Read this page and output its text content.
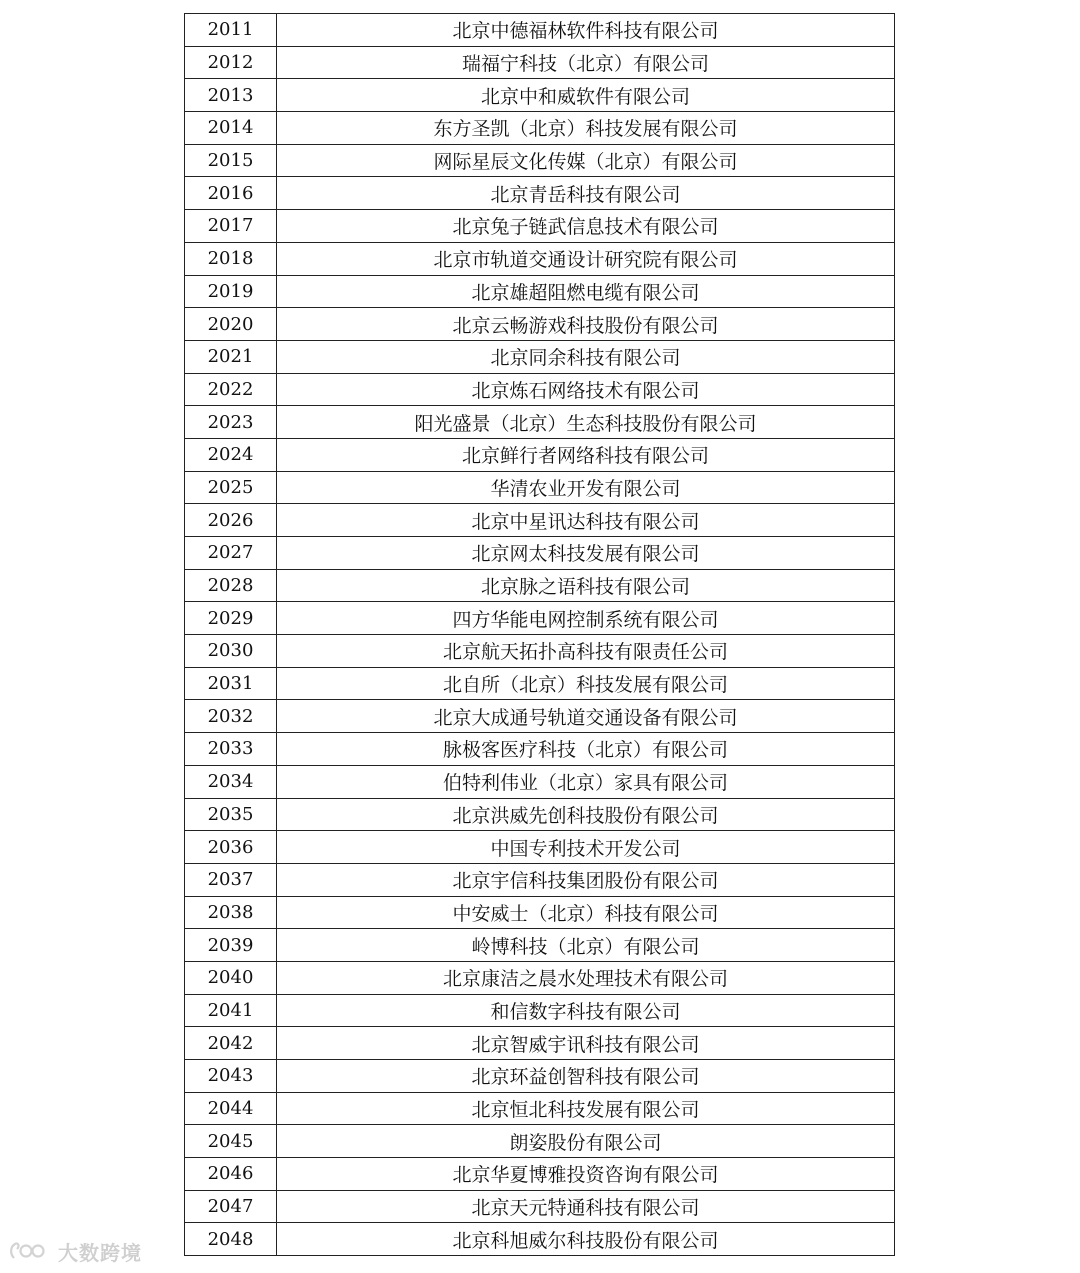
2011	北京中德福林软件科技有限公司
2012	瑞福宁科技（北京）有限公司
2013	北京中和威软件有限公司
2014	东方圣凯（北京）科技发展有限公司
2015	网际星辰文化传媒（北京）有限公司
2016	北京青岳科技有限公司
2017	北京兔子链武信息技术有限公司
2018	北京市轨道交通设计研究院有限公司
2019	北京雄超阻燃电缆有限公司
2020	北京云畅游戏科技股份有限公司
2021	北京同余科技有限公司
2022	北京炼石网络技术有限公司
2023	阳光盛景（北京）生态科技股份有限公司
2024	北京鲜行者网络科技有限公司
2025	华清农业开发有限公司
2026	北京中星讯达科技有限公司
2027	北京网太科技发展有限公司
2028	北京脉之语科技有限公司
2029	四方华能电网控制系统有限公司
2030	北京航天拓扑高科技有限责任公司
2031	北自所（北京）科技发展有限公司
2032	北京大成通号轨道交通设备有限公司
2033	脉极客医疗科技（北京）有限公司
2034	伯特利伟业（北京）家具有限公司
2035	北京洪威先创科技股份有限公司
2036	中国专利技术开发公司
2037	北京宇信科技集团股份有限公司
2038	中安威士（北京）科技有限公司
2039	岭博科技（北京）有限公司
2040	北京康洁之晨水处理技术有限公司
2041	和信数字科技有限公司
2042	北京智威宇讯科技有限公司
2043	北京环益创智科技有限公司
2044	北京恒北科技发展有限公司
2045	朗姿股份有限公司
2046	北京华夏博雅投资咨询有限公司
2047	北京天元特通科技有限公司
2048	北京科旭威尔科技股份有限公司
大数跨境
